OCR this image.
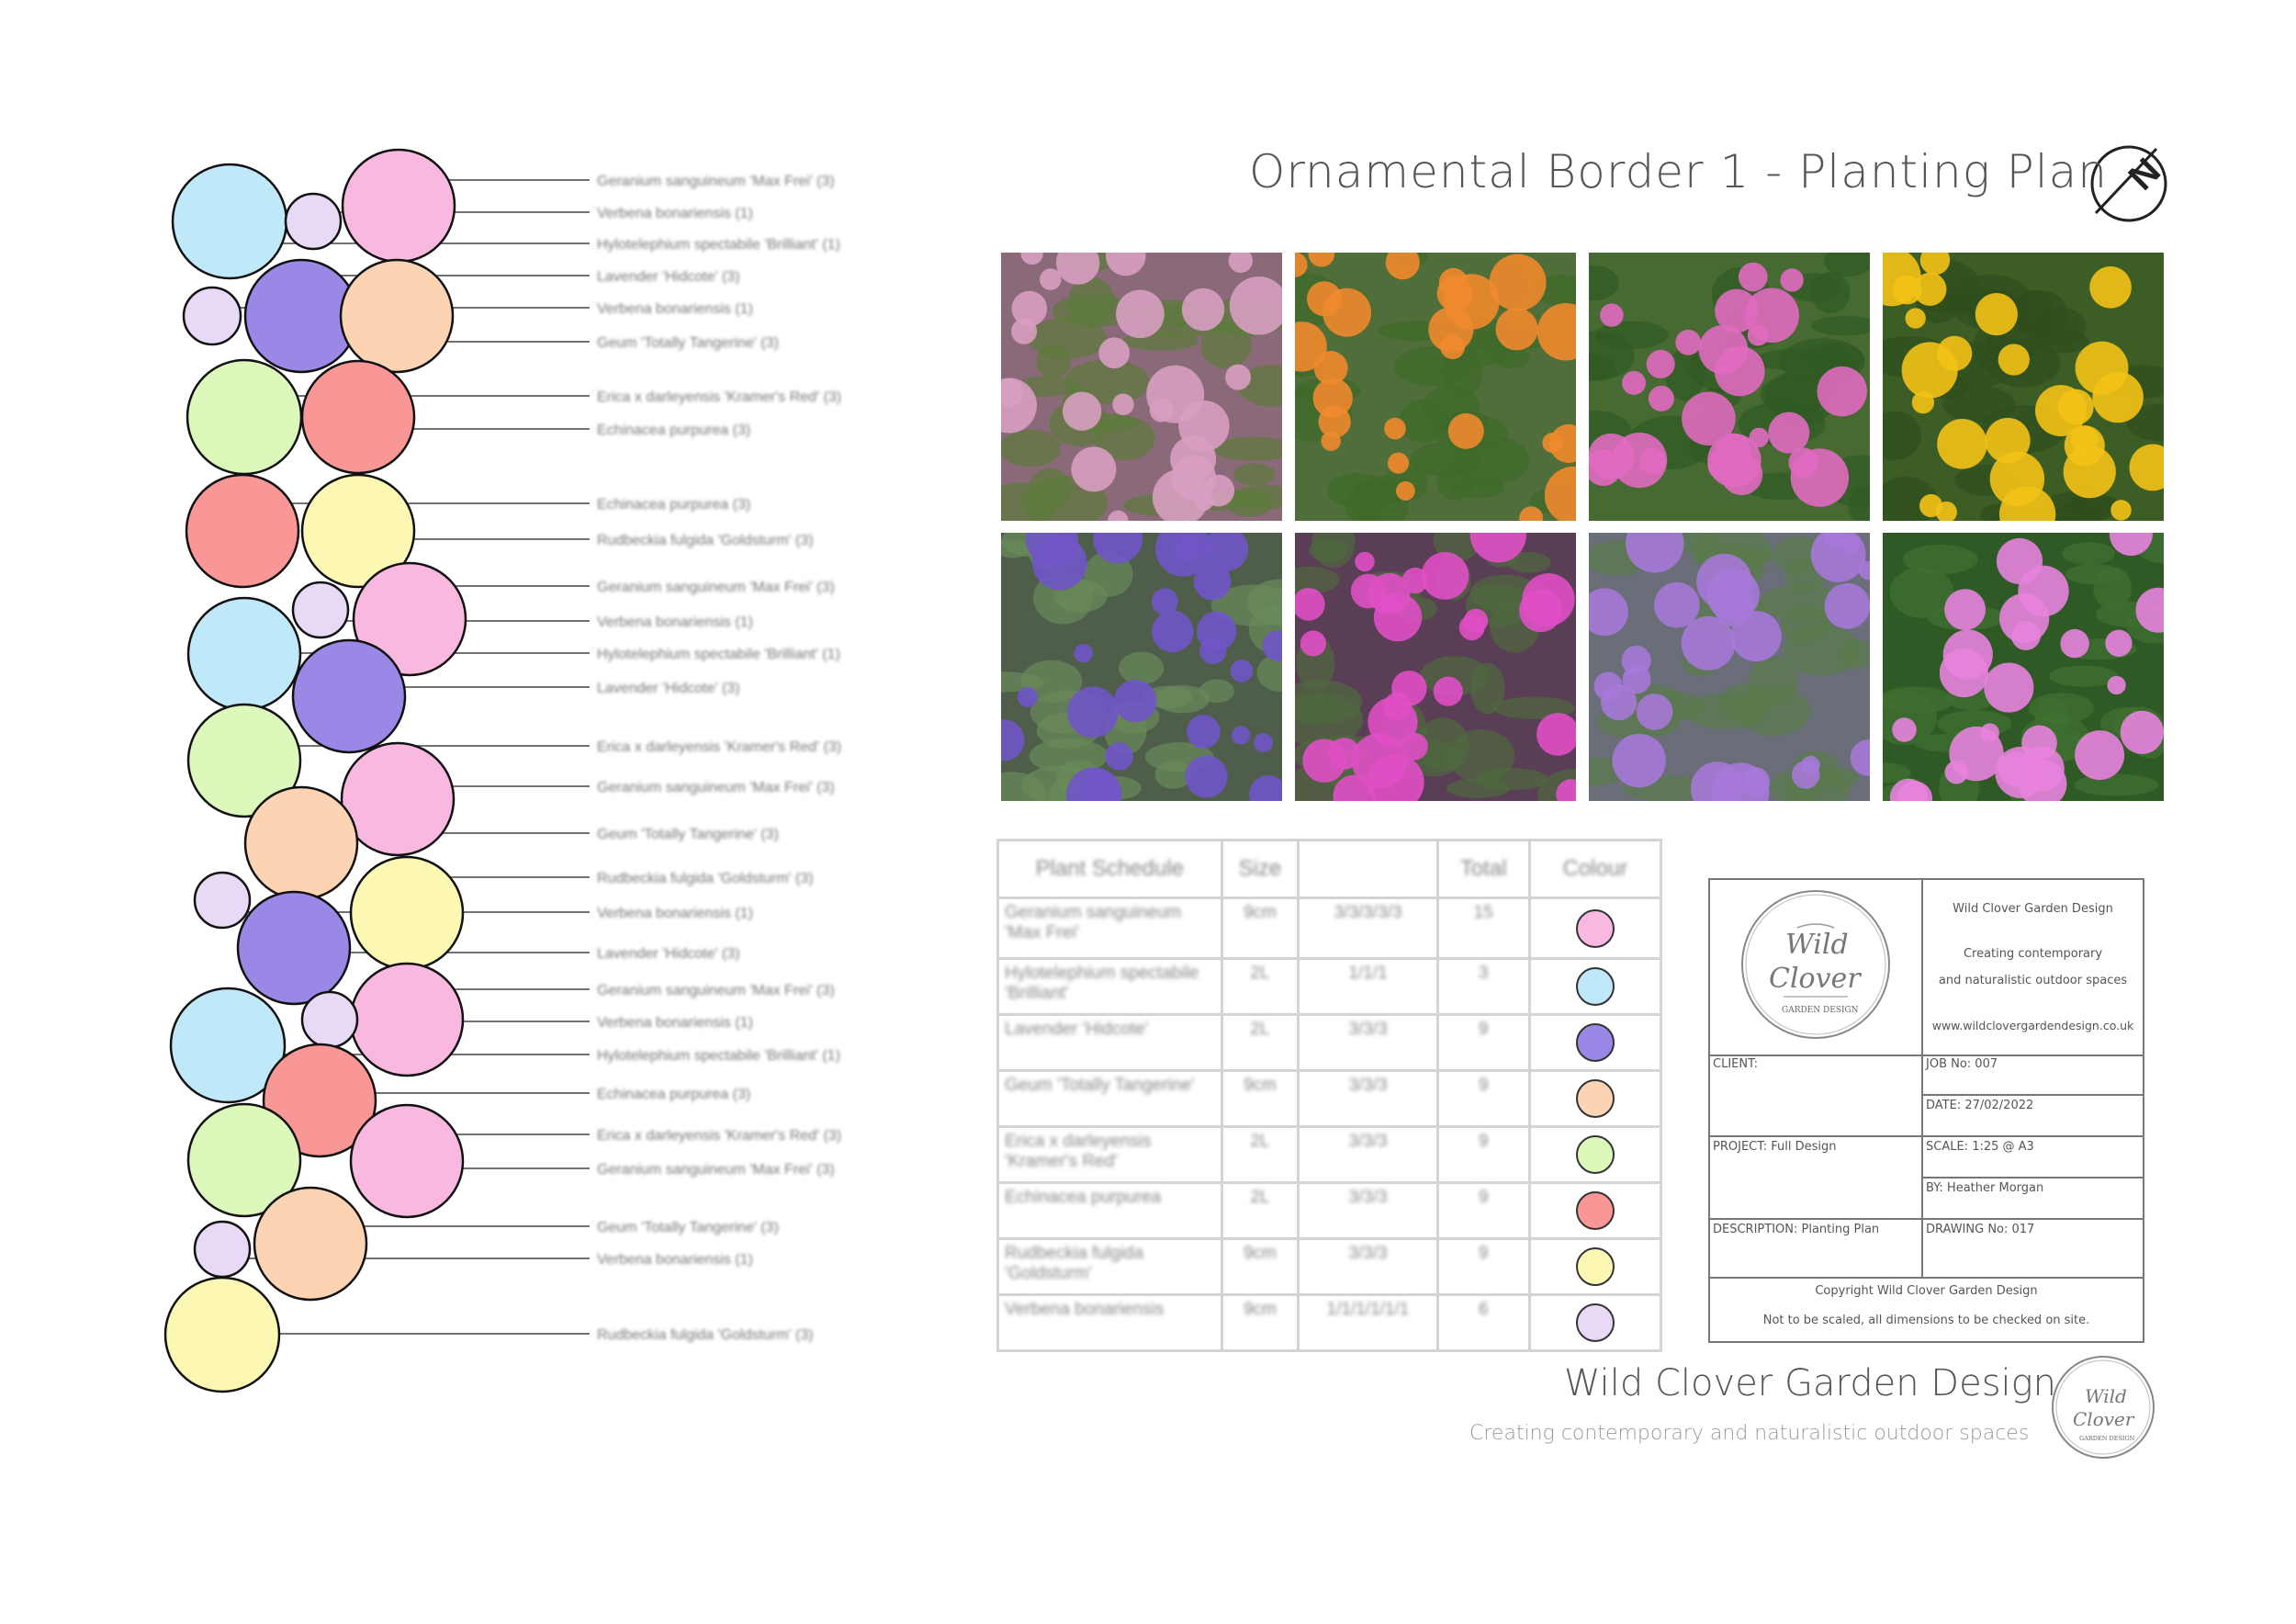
Geranium sanguineum 'Max Frei' (3)
Verbena bonariensis (1)
Hylotelephium spectabile 'Brilliant' (1)
Lavender 'Hidcote' (3)
Verbena bonariensis (1)
Geum 'Totally Tangerine' (3)
Erica x darleyensis 'Kramer's Red' (3)
Echinacea purpurea (3)
Echinacea purpurea (3)
Rudbeckia fulgida 'Goldsturm' (3)
Geranium sanguineum 'Max Frei' (3)
Verbena bonariensis (1)
Hylotelephium spectabile 'Brilliant' (1)
Lavender 'Hidcote' (3)
Erica x darleyensis 'Kramer's Red' (3)
Geranium sanguineum 'Max Frei' (3)
Geum 'Totally Tangerine' (3)
Rudbeckia fulgida 'Goldsturm' (3)
Verbena bonariensis (1)
Lavender 'Hidcote' (3)
Geranium sanguineum 'Max Frei' (3)
Verbena bonariensis (1)
Hylotelephium spectabile 'Brilliant' (1)
Echinacea purpurea (3)
Erica x darleyensis 'Kramer's Red' (3)
Geranium sanguineum 'Max Frei' (3)
Geum 'Totally Tangerine' (3)
Verbena bonariensis (1)
Rudbeckia fulgida 'Goldsturm' (3)
N
Ornamental Border 1 - Planting Plan
Plant Schedule	Size		Total	Colour
Geranium sanguineum 'Max Frei'	9cm	3/3/3/3/3	15	

Hylotelephium spectabile 'Brilliant'	2L	1/1/1	3	

Lavender 'Hidcote'	2L	3/3/3	9	

Geum 'Totally Tangerine'	9cm	3/3/3	9	

Erica x darleyensis 'Kramer's Red'	2L	3/3/3	9	

Echinacea purpurea	2L	3/3/3	9	

Rudbeckia fulgida 'Goldsturm'	9cm	3/3/3	9	

Verbena bonariensis	9cm	1/1/1/1/1/1	6	
Wild
Clover
GARDEN DESIGN
Wild Clover Garden Design
Creating contemporary
and naturalistic outdoor spaces
www.wildclovergardendesign.co.uk
CLIENT:	JOB No: 007
DATE: 27/02/2022
PROJECT: Full Design	SCALE: 1:25 @ A3
BY: Heather Morgan
DESCRIPTION: Planting Plan	DRAWING No: 017
Copyright Wild Clover Garden Design
Not to be scaled, all dimensions to be checked on site.
Wild Clover Garden Design
Creating contemporary and naturalistic outdoor spaces
Wild
Clover
GARDEN DESIGN
